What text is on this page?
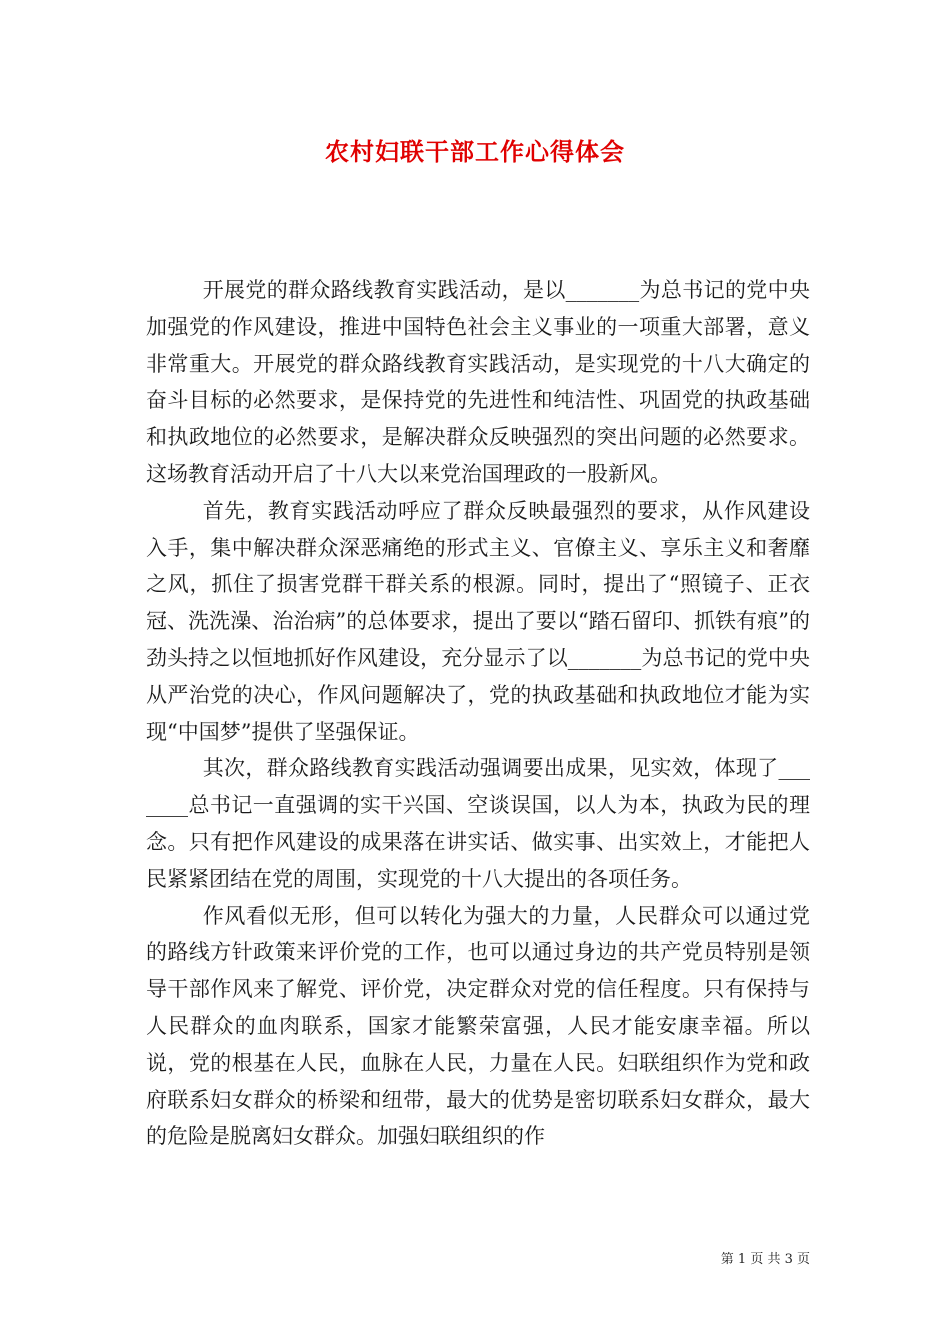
农村妇联干部工作心得体会

开展党的群众路线教育实践活动，是以_______为总书记的党中央加强党的作风建设，推进中国特色社会主义事业的一项重大部署，意义非常重大。开展党的群众路线教育实践活动，是实现党的十八大确定的奋斗目标的必然要求，是保持党的先进性和纯洁性、巩固党的执政基础和执政地位的必然要求，是解决群众反映强烈的突出问题的必然要求。这场教育活动开启了十八大以来党治国理政的一股新风。

首先，教育实践活动呼应了群众反映最强烈的要求，从作风建设入手，集中解决群众深恶痛绝的形式主义、官僚主义、享乐主义和奢靡之风，抓住了损害党群干群关系的根源。同时，提出了“照镜子、正衣冠、洗洗澡、治治病”的总体要求，提出了要以“踏石留印、抓铁有痕”的劲头持之以恒地抓好作风建设，充分显示了以_______为总书记的党中央从严治党的决心，作风问题解决了，党的执政基础和执政地位才能为实现“中国梦”提供了坚强保证。

其次，群众路线教育实践活动强调要出成果，见实效，体现了_______总书记一直强调的实干兴国、空谈误国，以人为本，执政为民的理念。只有把作风建设的成果落在讲实话、做实事、出实效上，才能把人民紧紧团结在党的周围，实现党的十八大提出的各项任务。

作风看似无形，但可以转化为强大的力量，人民群众可以通过党的路线方针政策来评价党的工作，也可以通过身边的共产党员特别是领导干部作风来了解党、评价党，决定群众对党的信任程度。只有保持与人民群众的血肉联系，国家才能繁荣富强，人民才能安康幸福。所以说，党的根基在人民，血脉在人民，力量在人民。妇联组织作为党和政府联系妇女群众的桥梁和纽带，最大的优势是密切联系妇女群众，最大的危险是脱离妇女群众。加强妇联组织的作

第 1 页 共 3 页
